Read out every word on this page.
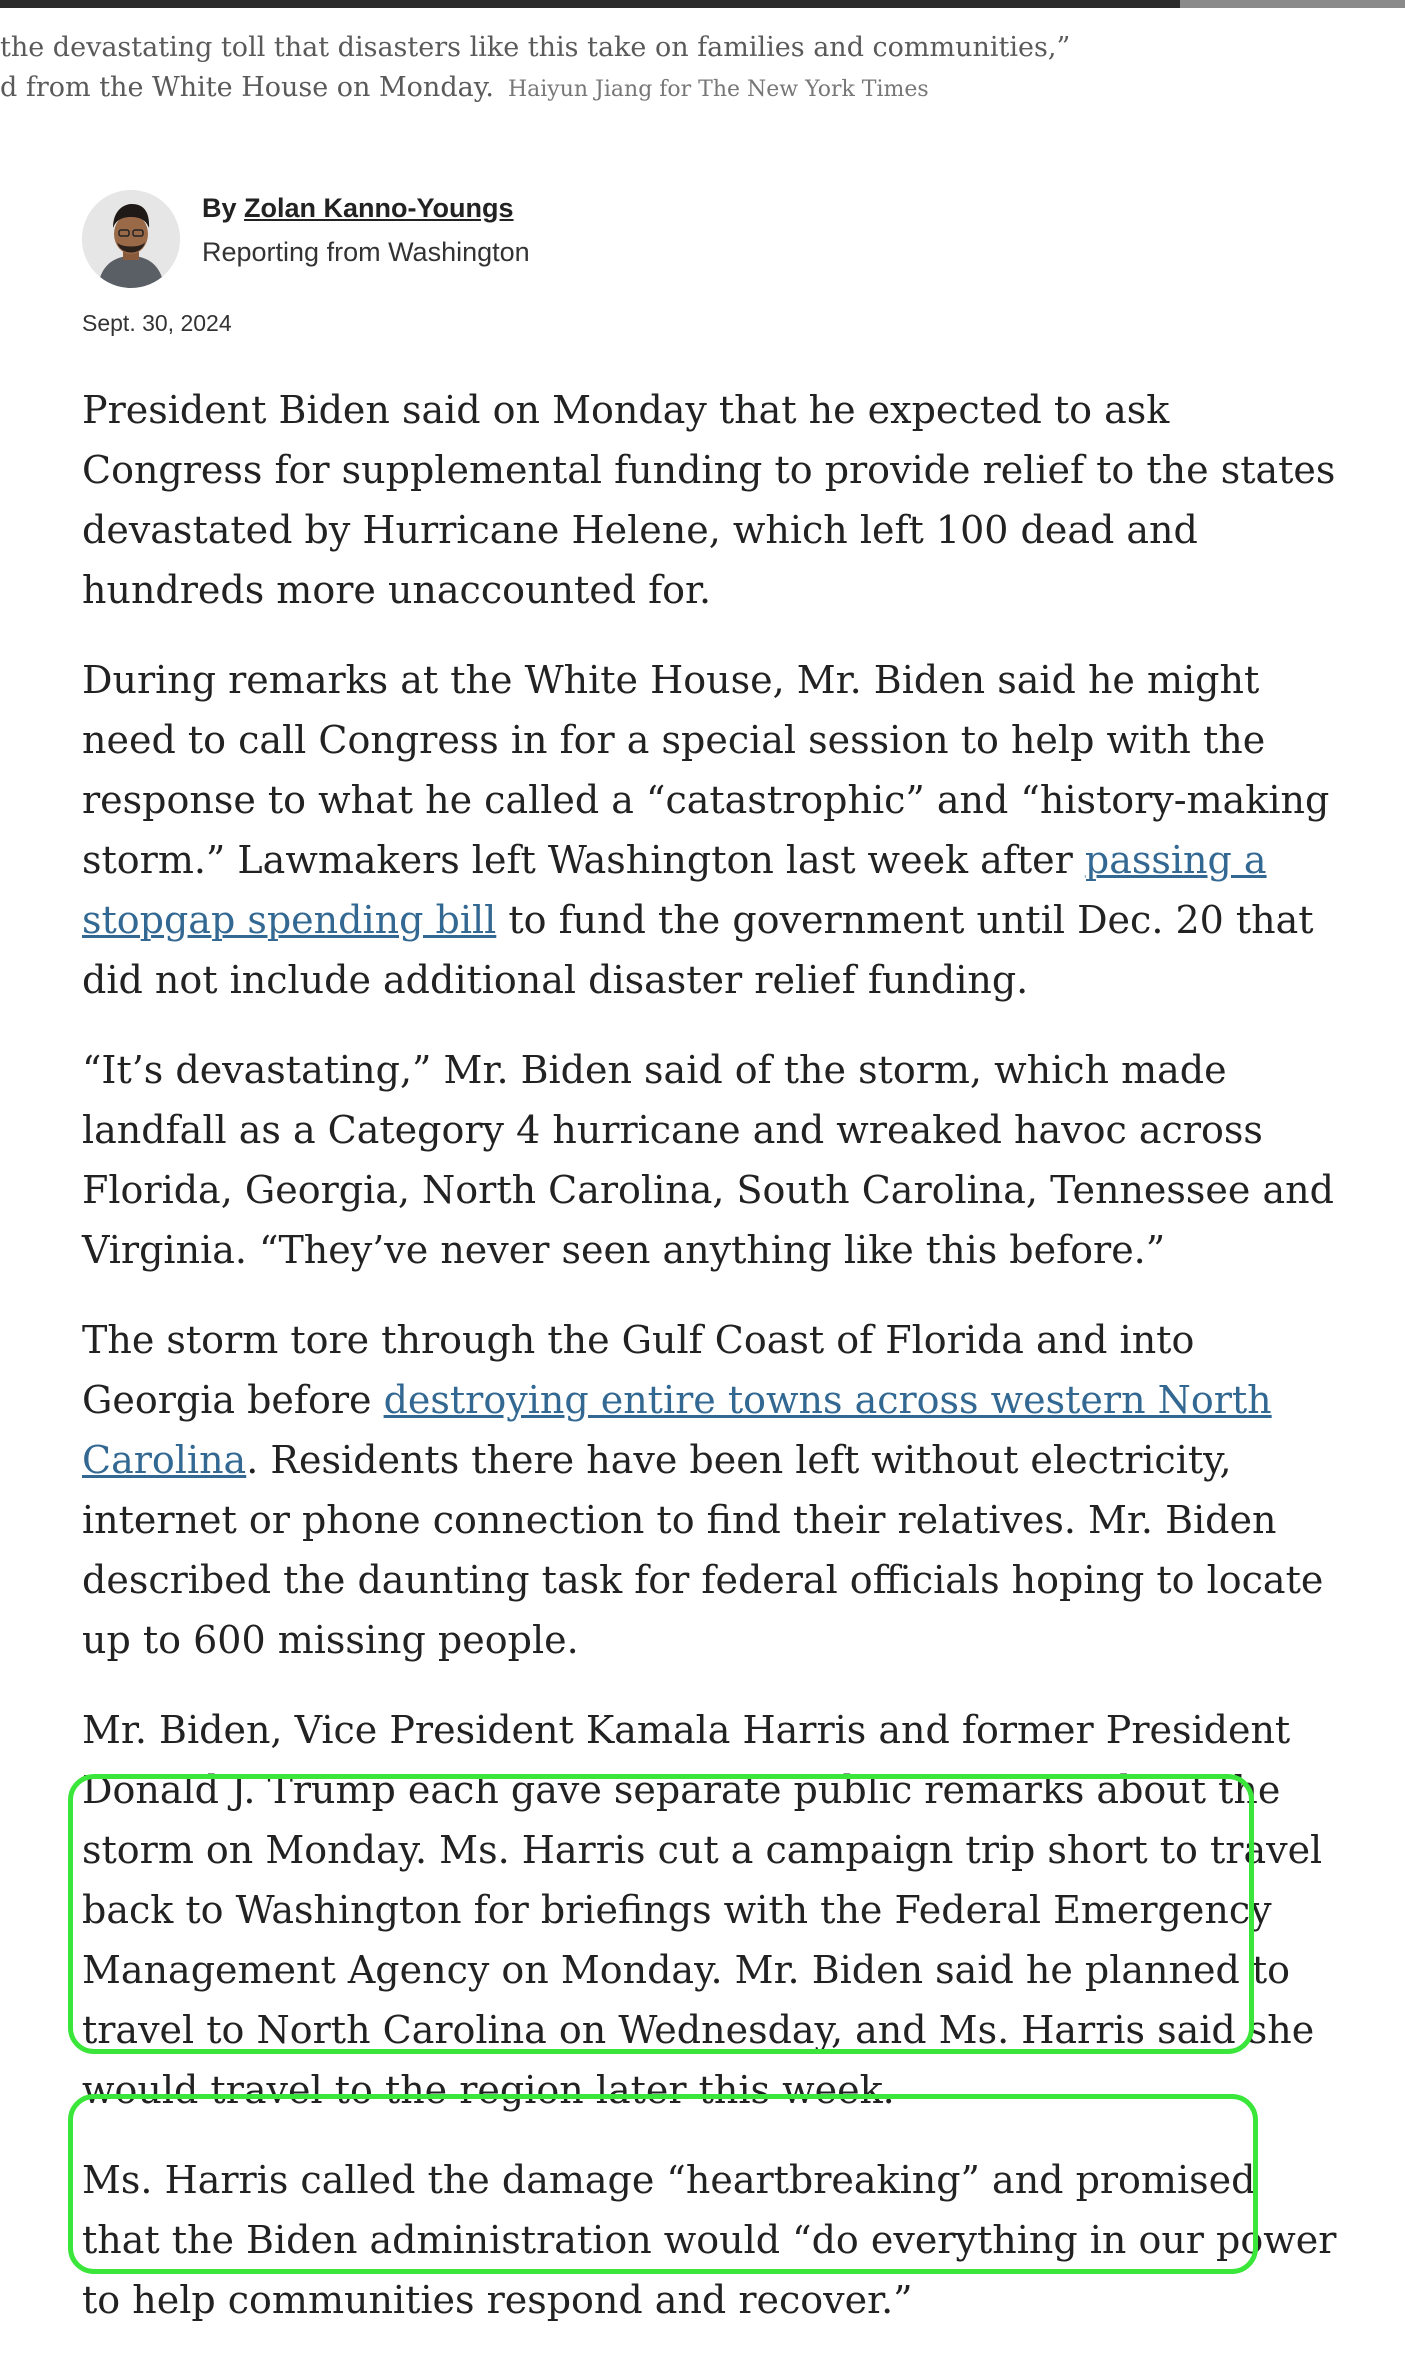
the devastating toll that disasters like this take on families and communities,”
d from the White House on Monday. Haiyun Jiang for The New York Times
By Zolan Kanno-Youngs
Reporting from Washington
Sept. 30, 2024

President Biden said on Monday that he expected to ask Congress for supplemental funding to provide relief to the states devastated by Hurricane Helene, which left 100 dead and hundreds more unaccounted for.

During remarks at the White House, Mr. Biden said he might need to call Congress in for a special session to help with the response to what he called a “catastrophic” and “history-making storm.” Lawmakers left Washington last week after passing a stopgap spending bill to fund the government until Dec. 20 that did not include additional disaster relief funding.

“It’s devastating,” Mr. Biden said of the storm, which made landfall as a Category 4 hurricane and wreaked havoc across Florida, Georgia, North Carolina, South Carolina, Tennessee and Virginia. “They’ve never seen anything like this before.”

The storm tore through the Gulf Coast of Florida and into Georgia before destroying entire towns across western North Carolina. Residents there have been left without electricity, internet or phone connection to find their relatives. Mr. Biden described the daunting task for federal officials hoping to locate up to 600 missing people.

Mr. Biden, Vice President Kamala Harris and former President Donald J. Trump each gave separate public remarks about the storm on Monday. Ms. Harris cut a campaign trip short to travel back to Washington for briefings with the Federal Emergency Management Agency on Monday. Mr. Biden said he planned to travel to North Carolina on Wednesday, and Ms. Harris said she would travel to the region later this week.

Ms. Harris called the damage “heartbreaking” and promised that the Biden administration would “do everything in our power to help communities respond and recover.”
